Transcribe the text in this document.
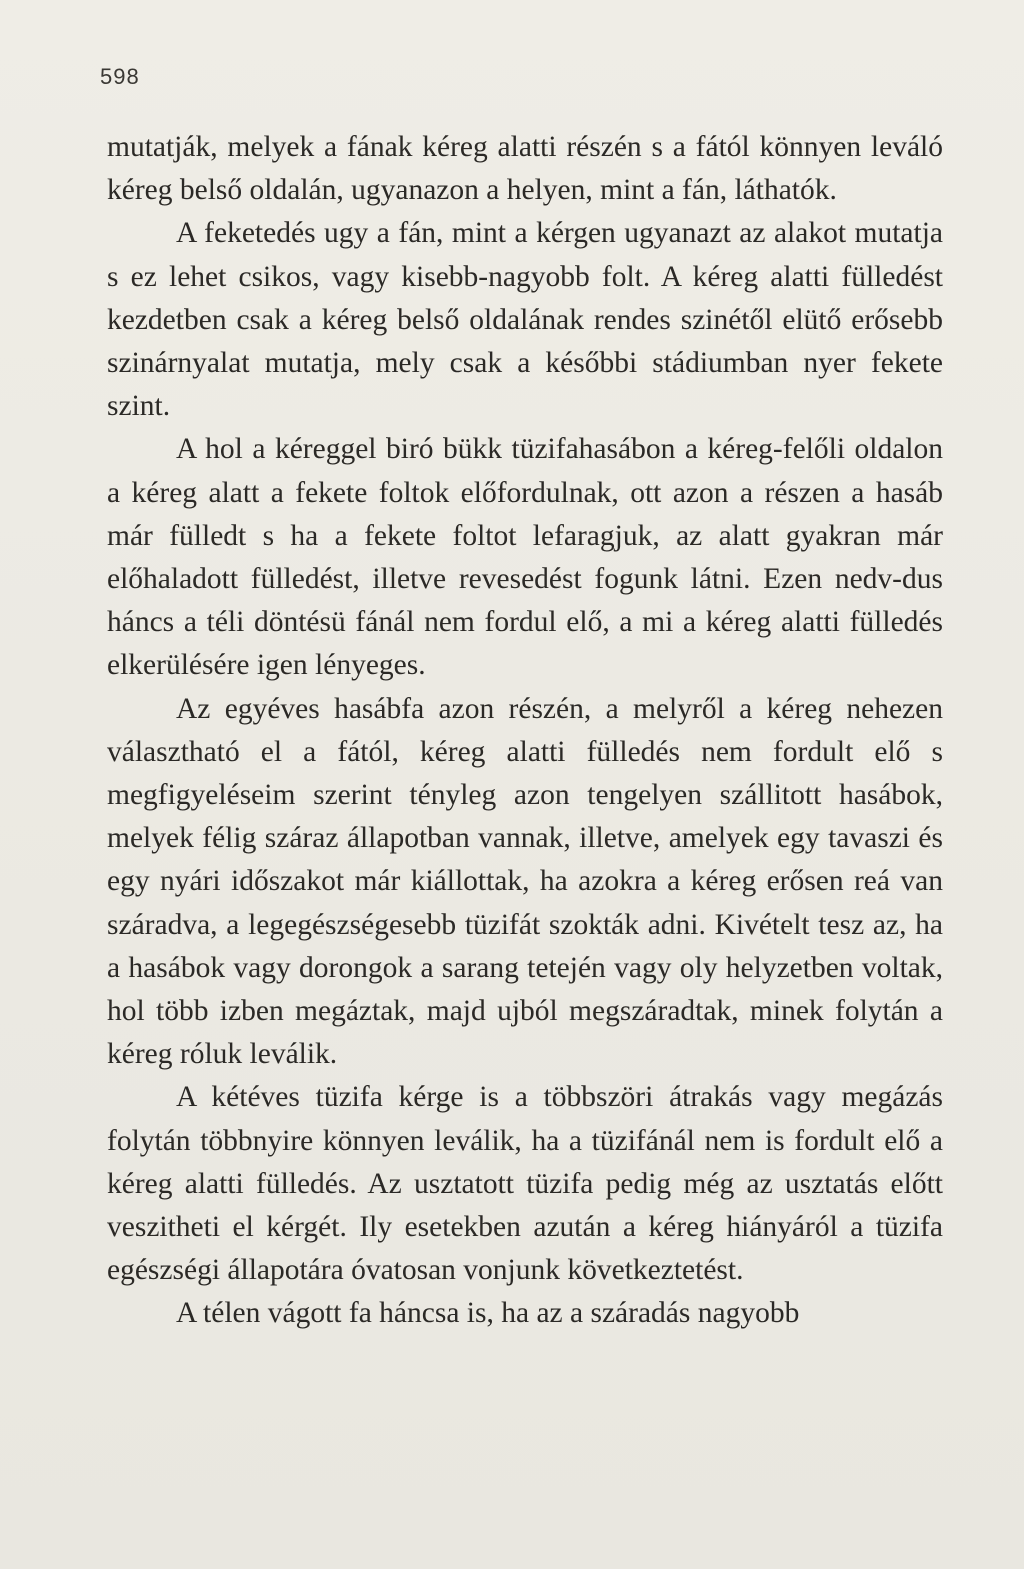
598

mutatják, melyek a fának kéreg alatti részén s a fától könnyen leváló kéreg belső oldalán, ugyanazon a helyen, mint a fán, láthatók.

A feketedés ugy a fán, mint a kérgen ugyanazt az alakot mutatja s ez lehet csikos, vagy kisebb-nagyobb folt. A kéreg alatti fülledést kezdetben csak a kéreg belső oldalának rendes szinétől elütő erősebb szinárnyalat mutatja, mely csak a későbbi stádiumban nyer fekete szint.

A hol a kéreggel biró bükk tüzifahasábon a kéreg-felőli oldalon a kéreg alatt a fekete foltok előfordulnak, ott azon a részen a hasáb már fülledt s ha a fekete foltot lefaragjuk, az alatt gyakran már előhaladott fülledést, illetve revesedést fogunk látni. Ezen nedv-dus háncs a téli döntésü fánál nem fordul elő, a mi a kéreg alatti fülledés elkerülésére igen lényeges.

Az egyéves hasábfa azon részén, a melyről a kéreg nehezen választható el a fától, kéreg alatti fülledés nem fordult elő s megfigyeléseim szerint tényleg azon tengelyen szállitott hasábok, melyek félig száraz állapotban vannak, illetve, amelyek egy tavaszi és egy nyári időszakot már kiállottak, ha azokra a kéreg erősen reá van száradva, a legegészségesebb tüzifát szokták adni. Kivételt tesz az, ha a hasábok vagy dorongok a sarang tetején vagy oly helyzetben voltak, hol több izben megáztak, majd ujból megszáradtak, minek folytán a kéreg róluk leválik.

A kétéves tüzifa kérge is a többszöri átrakás vagy megázás folytán többnyire könnyen leválik, ha a tüzifánál nem is fordult elő a kéreg alatti fülledés. Az usztatott tüzifa pedig még az usztatás előtt veszitheti el kérgét. Ily esetekben azután a kéreg hiányáról a tüzifa egészségi állapotára óvatosan vonjunk következtetést.

A télen vágott fa háncsa is, ha az a száradás nagyobb
